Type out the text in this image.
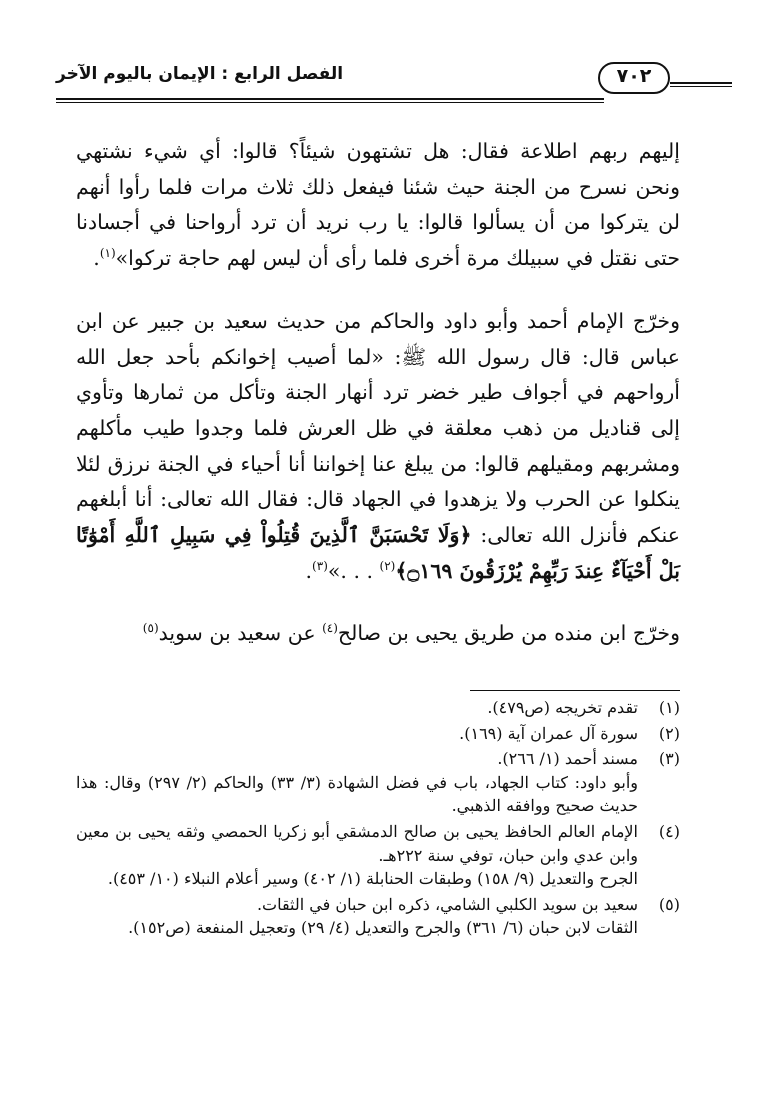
الفصل الرابع : الإيمان باليوم الآخر	٧٠٢

إليهم ربهم اطلاعة فقال: هل تشتهون شيئاً؟ قالوا: أي شيء نشتهي ونحن نسرح من الجنة حيث شئنا فيفعل ذلك ثلاث مرات فلما رأوا أنهم لن يتركوا من أن يسألوا قالوا: يا رب نريد أن ترد أرواحنا في أجسادنا حتى نقتل في سبيلك مرة أخرى فلما رأى أن ليس لهم حاجة تركوا»$^{(١)}$.

وخرّج الإمام أحمد وأبو داود والحاكم من حديث سعيد بن جبير عن ابن عباس قال: قال رسول الله ﷺ: «لما أصيب إخوانكم بأحد جعل الله أرواحهم في أجواف طير خضر ترد أنهار الجنة وتأكل من ثمارها وتأوي إلى قناديل من ذهب معلقة في ظل العرش فلما وجدوا طيب مأكلهم ومشربهم ومقيلهم قالوا: من يبلغ عنا إخواننا أنا أحياء في الجنة نرزق لئلا ينكلوا عن الحرب ولا يزهدوا في الجهاد قال: فقال الله تعالى: أنا أبلغهم عنكم فأنزل الله تعالى: ﴿وَلَا تَحْسَبَنَّ ٱلَّذِينَ قُتِلُواْ فِي سَبِيلِ ٱللَّهِ أَمْوَٰتًا بَلْ أَحْيَآءٌ عِندَ رَبِّهِمْ يُرْزَقُونَ ۝١٦٩﴾$^{(٢)}$ . . .»$^{(٣)}$.

وخرّج ابن منده من طريق يحيى بن صالح$^{(٤)}$ عن سعيد بن سويد$^{(٥)}$

(١)

تقدم تخريجه (ص٤٧٩).

(٢)

سورة آل عمران آية (١٦٩).

(٣)

مسند أحمد (١/ ٢٦٦).

وأبو داود: كتاب الجهاد، باب في فضل الشهادة (٣/ ٣٣) والحاكم (٢/ ٢٩٧) وقال: هذا حديث صحيح ووافقه الذهبي.

(٤)

الإمام العالم الحافظ يحيى بن صالح الدمشقي أبو زكريا الحمصي وثقه يحيى بن معين وابن عدي وابن حبان، توفي سنة ٢٢٢هـ.

الجرح والتعديل (٩/ ١٥٨) وطبقات الحنابلة (١/ ٤٠٢) وسير أعلام النبلاء (١٠/ ٤٥٣).

(٥)

سعيد بن سويد الكلبي الشامي، ذكره ابن حبان في الثقات.

الثقات لابن حبان (٦/ ٣٦١) والجرح والتعديل (٤/ ٢٩) وتعجيل المنفعة (ص١٥٢).
